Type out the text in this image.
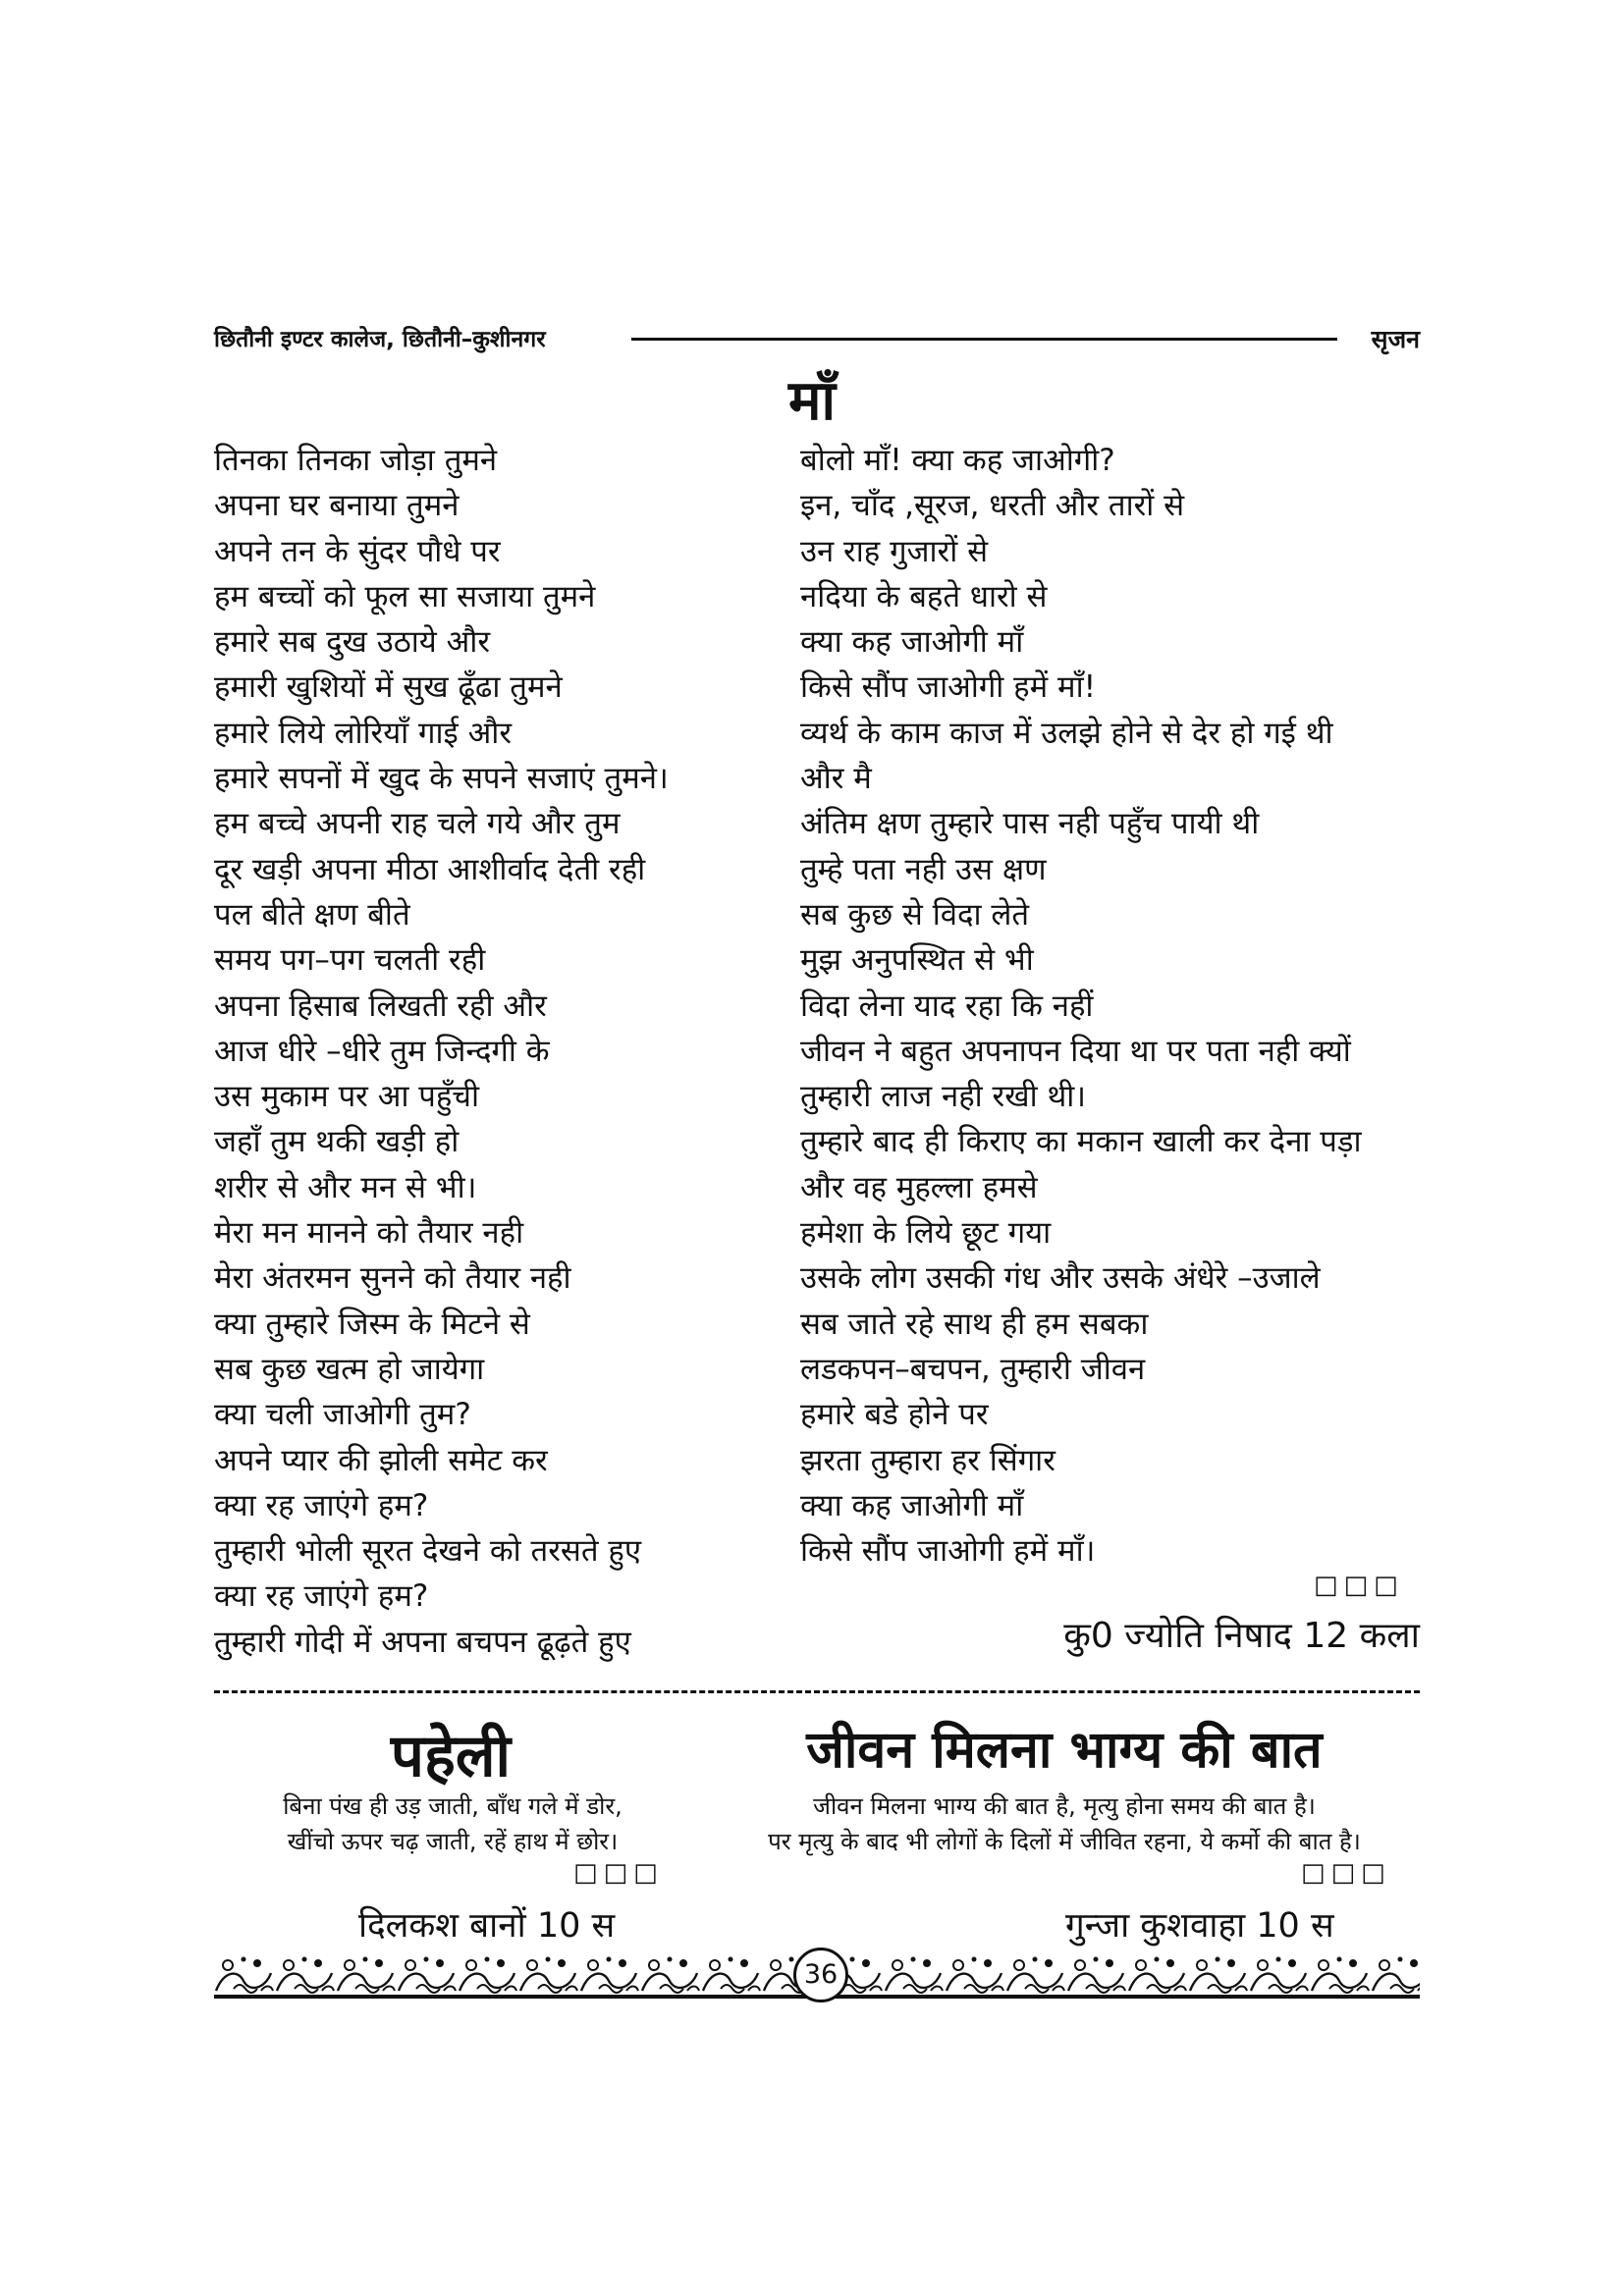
छितौनी इण्टर कालेज, छितौनी–कुशीनगर	सृजन
माँ
तिनका तिनका जोड़ा तुमने
अपना घर बनाया तुमने
अपने तन के सुंदर पौधे पर
हम बच्चों को फूल सा सजाया तुमने
हमारे सब दुख उठाये और
हमारी खुशियों में सुख ढूँढा तुमने
हमारे लिये लोरियाँ गाई और
हमारे सपनों में खुद के सपने सजाएं तुमने।
हम बच्चे अपनी राह चले गये और तुम
दूर खड़ी अपना मीठा आशीर्वाद देती रही
पल बीते क्षण बीते
समय पग–पग चलती रही
अपना हिसाब लिखती रही और
आज धीरे –धीरे तुम जिन्दगी के
उस मुकाम पर आ पहुँची
जहाँ तुम थकी खड़ी हो
शरीर से और मन से भी।
मेरा मन मानने को तैयार नही
मेरा अंतरमन सुनने को तैयार नही
क्या तुम्हारे जिस्म के मिटने से
सब कुछ खत्म हो जायेगा
क्या चली जाओगी तुम?
अपने प्यार की झोली समेट कर
क्या रह जाएंगे हम?
तुम्हारी भोली सूरत देखने को तरसते हुए
क्या रह जाएंगे हम?
तुम्हारी गोदी में अपना बचपन ढूढ़ते हुए
बोलो माँ! क्या कह जाओगी?
इन, चाँद ,सूरज, धरती और तारों से
उन राह गुजारों से
नदिया के बहते धारो से
क्या कह जाओगी माँ
किसे सौंप जाओगी हमें माँ!
व्यर्थ के काम काज में उलझे होने से देर हो गई थी
और मै
अंतिम क्षण तुम्हारे पास नही पहुँच पायी थी
तुम्हे पता नही उस क्षण
सब कुछ से विदा लेते
मुझ अनुपस्थित से भी
विदा लेना याद रहा कि नहीं
जीवन ने बहुत अपनापन दिया था पर पता नही क्यों
तुम्हारी लाज नही रखी थी।
तुम्हारे बाद ही किराए का मकान खाली कर देना पड़ा
और वह मुहल्ला हमसे
हमेशा के लिये छूट गया
उसके लोग उसकी गंध और उसके अंधेरे –उजाले
सब जाते रहे साथ ही हम सबका
लडकपन–बचपन, तुम्हारी जीवन
हमारे बडे होने पर
झरता तुम्हारा हर सिंगार
क्या कह जाओगी माँ
किसे सौंप जाओगी हमें माँ।
□□□
कु0 ज्योति निषाद 12 कला
पहेली
बिना पंख ही उड़ जाती, बाँध गले में डोर,
खींचो ऊपर चढ़ जाती, रहें हाथ में छोर।
□□□
दिलकश बानों 10 स
जीवन मिलना भाग्य की बात
जीवन मिलना भाग्य की बात है, मृत्यु होना समय की बात है।
पर मृत्यु के बाद भी लोगों के दिलों में जीवित रहना, ये कर्मो की बात है।
□□□
गुन्जा कुशवाहा 10 स
36
